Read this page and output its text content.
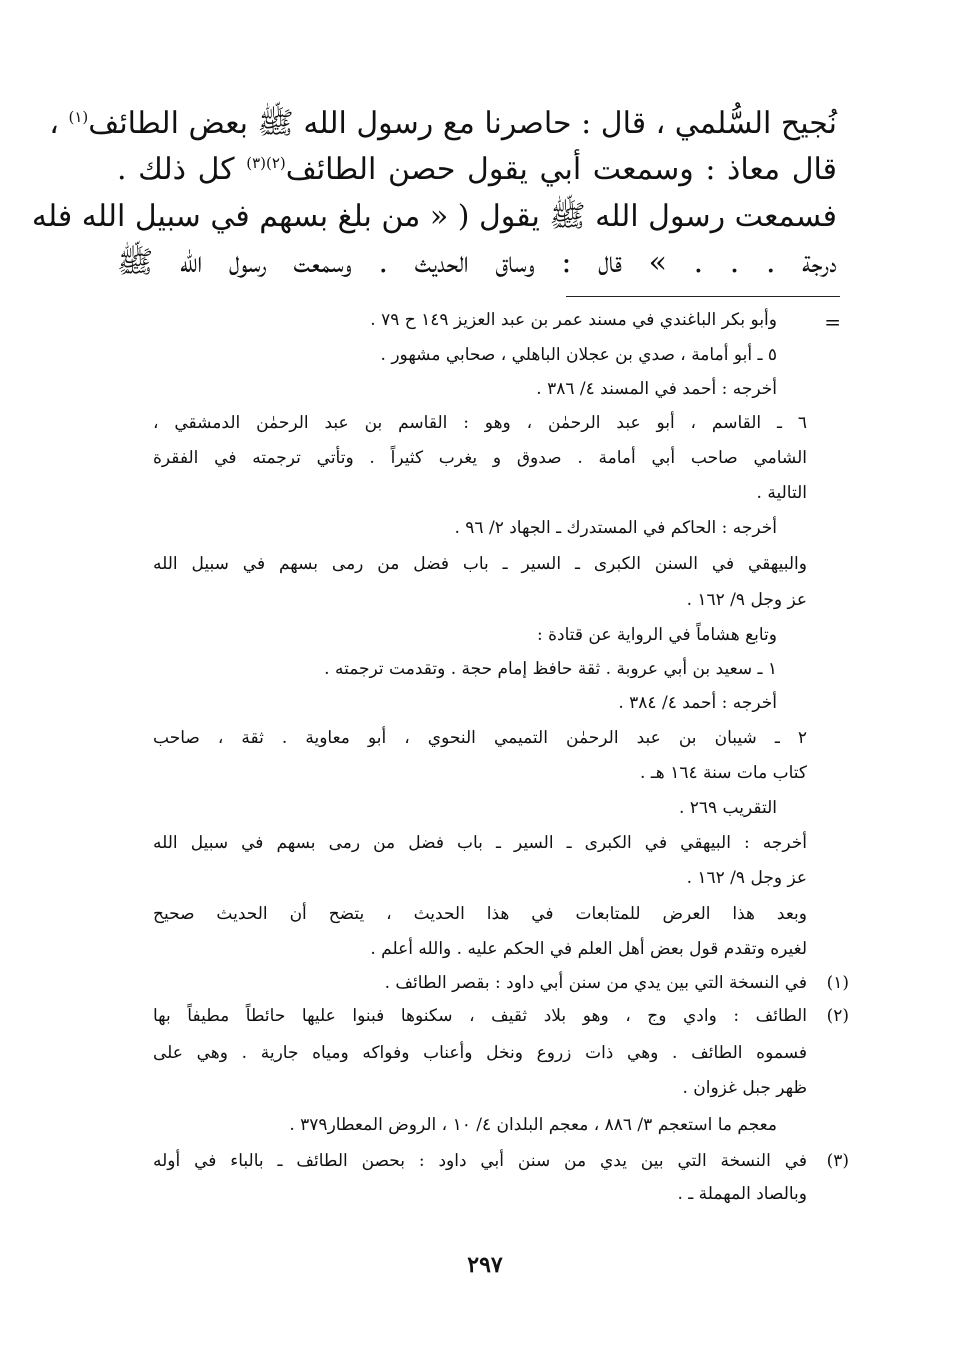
نُجيح السُّلمي ، قال : حاصرنا مع رسول الله ﷺ بعض الطائف$^{(١)}$ ،
قال معاذ : وسمعت أبي يقول حصن الطائف$^{(٢)(٣)}$ كل ذلك .
فسمعت رسول الله ﷺ يقول ( « من بلغ بسهم في سبيل الله فله
درجة . . . » قال : وساق الحديث . وسمعت رسول الله ﷺ
=
وأبو بكر الباغندي في مسند عمر بن عبد العزيز ١٤٩ ح ٧٩ .
٥ ـ أبو أمامة ، صدي بن عجلان الباهلي ، صحابي مشهور .
أخرجه : أحمد في المسند ٤/ ٣٨٦ .
٦ ـ القاسم ، أبو عبد الرحمٰن ، وهو : القاسم بن عبد الرحمٰن الدمشقي ،
الشامي صاحب أبي أمامة . صدوق و يغرب كثيراً . وتأتي ترجمته في الفقرة
التالية .
أخرجه : الحاكم في المستدرك ـ الجهاد ٢/ ٩٦ .
والبيهقي في السنن الكبرى ـ السير ـ باب فضل من رمى بسهم في سبيل الله
عز وجل ٩/ ١٦٢ .
وتابع هشاماً في الرواية عن قتادة :
١ ـ سعيد بن أبي عروبة . ثقة حافظ إمام حجة . وتقدمت ترجمته .
أخرجه : أحمد ٤/ ٣٨٤ .
٢ ـ شيبان بن عبد الرحمٰن التميمي النحوي ، أبو معاوية . ثقة ، صاحب
كتاب مات سنة ١٦٤ هـ .
التقريب ٢٦٩ .
أخرجه : البيهقي في الكبرى ـ السير ـ باب فضل من رمى بسهم في سبيل الله
عز وجل ٩/ ١٦٢ .
وبعد هذا العرض للمتابعات في هذا الحديث ، يتضح أن الحديث صحيح
لغيره وتقدم قول بعض أهل العلم في الحكم عليه . والله أعلم .
(١)
في النسخة التي بين يدي من سنن أبي داود : بقصر الطائف .
(٢)
الطائف : وادي وج ، وهو بلاد ثقيف ، سكنوها فبنوا عليها حائطاً مطيفاً بها
فسموه الطائف . وهي ذات زروع ونخل وأعناب وفواكه ومياه جارية . وهي على
ظهر جبل غزوان .
معجم ما استعجم ٣/ ٨٨٦ ، معجم البلدان ٤/ ١٠ ، الروض المعطار٣٧٩ .
(٣)
في النسخة التي بين يدي من سنن أبي داود : بحصن الطائف ـ بالباء في أوله
وبالصاد المهملة ـ .
٢٩٧
